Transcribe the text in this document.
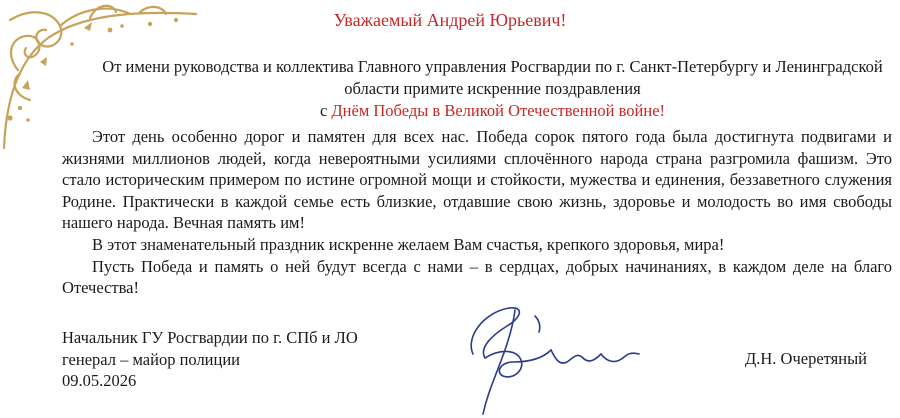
Уважаемый Андрей Юрьевич!
От имени руководства и коллектива Главного управления Росгвардии по г. Санкт-Петербургу и Ленинградской области примите искренние поздравления
с Днём Победы в Великой Отечественной войне!

Этот день особенно дорог и памятен для всех нас. Победа сорок пятого года была достигнута подвигами и жизнями миллионов людей, когда невероятными усилиями сплочённого народа страна разгромила фашизм. Это стало историческим примером по истине огромной мощи и стойкости, мужества и единения, беззаветного служения Родине. Практически в каждой семье есть близкие, отдавшие свою жизнь, здоровье и молодость во имя свободы нашего народа. Вечная память им!

В этот знаменательный праздник искренне желаем Вам счастья, крепкого здоровья, мира!

Пусть Победа и память о ней будут всегда с нами – в сердцах, добрых начинаниях, в каждом деле на благо Отечества!

Начальник ГУ Росгвардии по г. СПб и ЛО
генерал – майор полиции
09.05.2026
Д.Н. Очеретяный
